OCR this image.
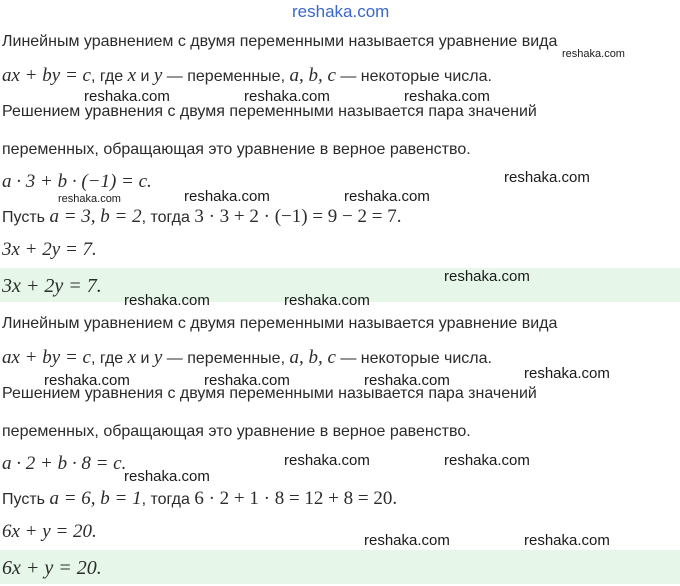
reshaka.com
Линейным уравнением с двумя переменными называется уравнение вида
ax + by = c, где x и y — переменные, a, b, c — некоторые числа.
Решением уравнения с двумя переменными называется пара значений
переменных, обращающая это уравнение в верное равенство.
a · 3 + b · (−1) = c.
Пусть a = 3, b = 2, тогда 3 · 3 + 2 · (−1) = 9 − 2 = 7.
3x + 2y = 7.
3x + 2y = 7.
Линейным уравнением с двумя переменными называется уравнение вида
ax + by = c, где x и y — переменные, a, b, c — некоторые числа.
Решением уравнения с двумя переменными называется пара значений
переменных, обращающая это уравнение в верное равенство.
a · 2 + b · 8 = c.
Пусть a = 6, b = 1, тогда 6 · 2 + 1 · 8 = 12 + 8 = 20.
6x + y = 20.
6x + y = 20.
reshaka.com
reshaka.com	reshaka.com	reshaka.com
reshaka.com
reshaka.com	reshaka.com	reshaka.com
reshaka.com
reshaka.com	reshaka.com
reshaka.com
reshaka.com	reshaka.com	reshaka.com
reshaka.com	reshaka.com
reshaka.com
reshaka.com	reshaka.com
